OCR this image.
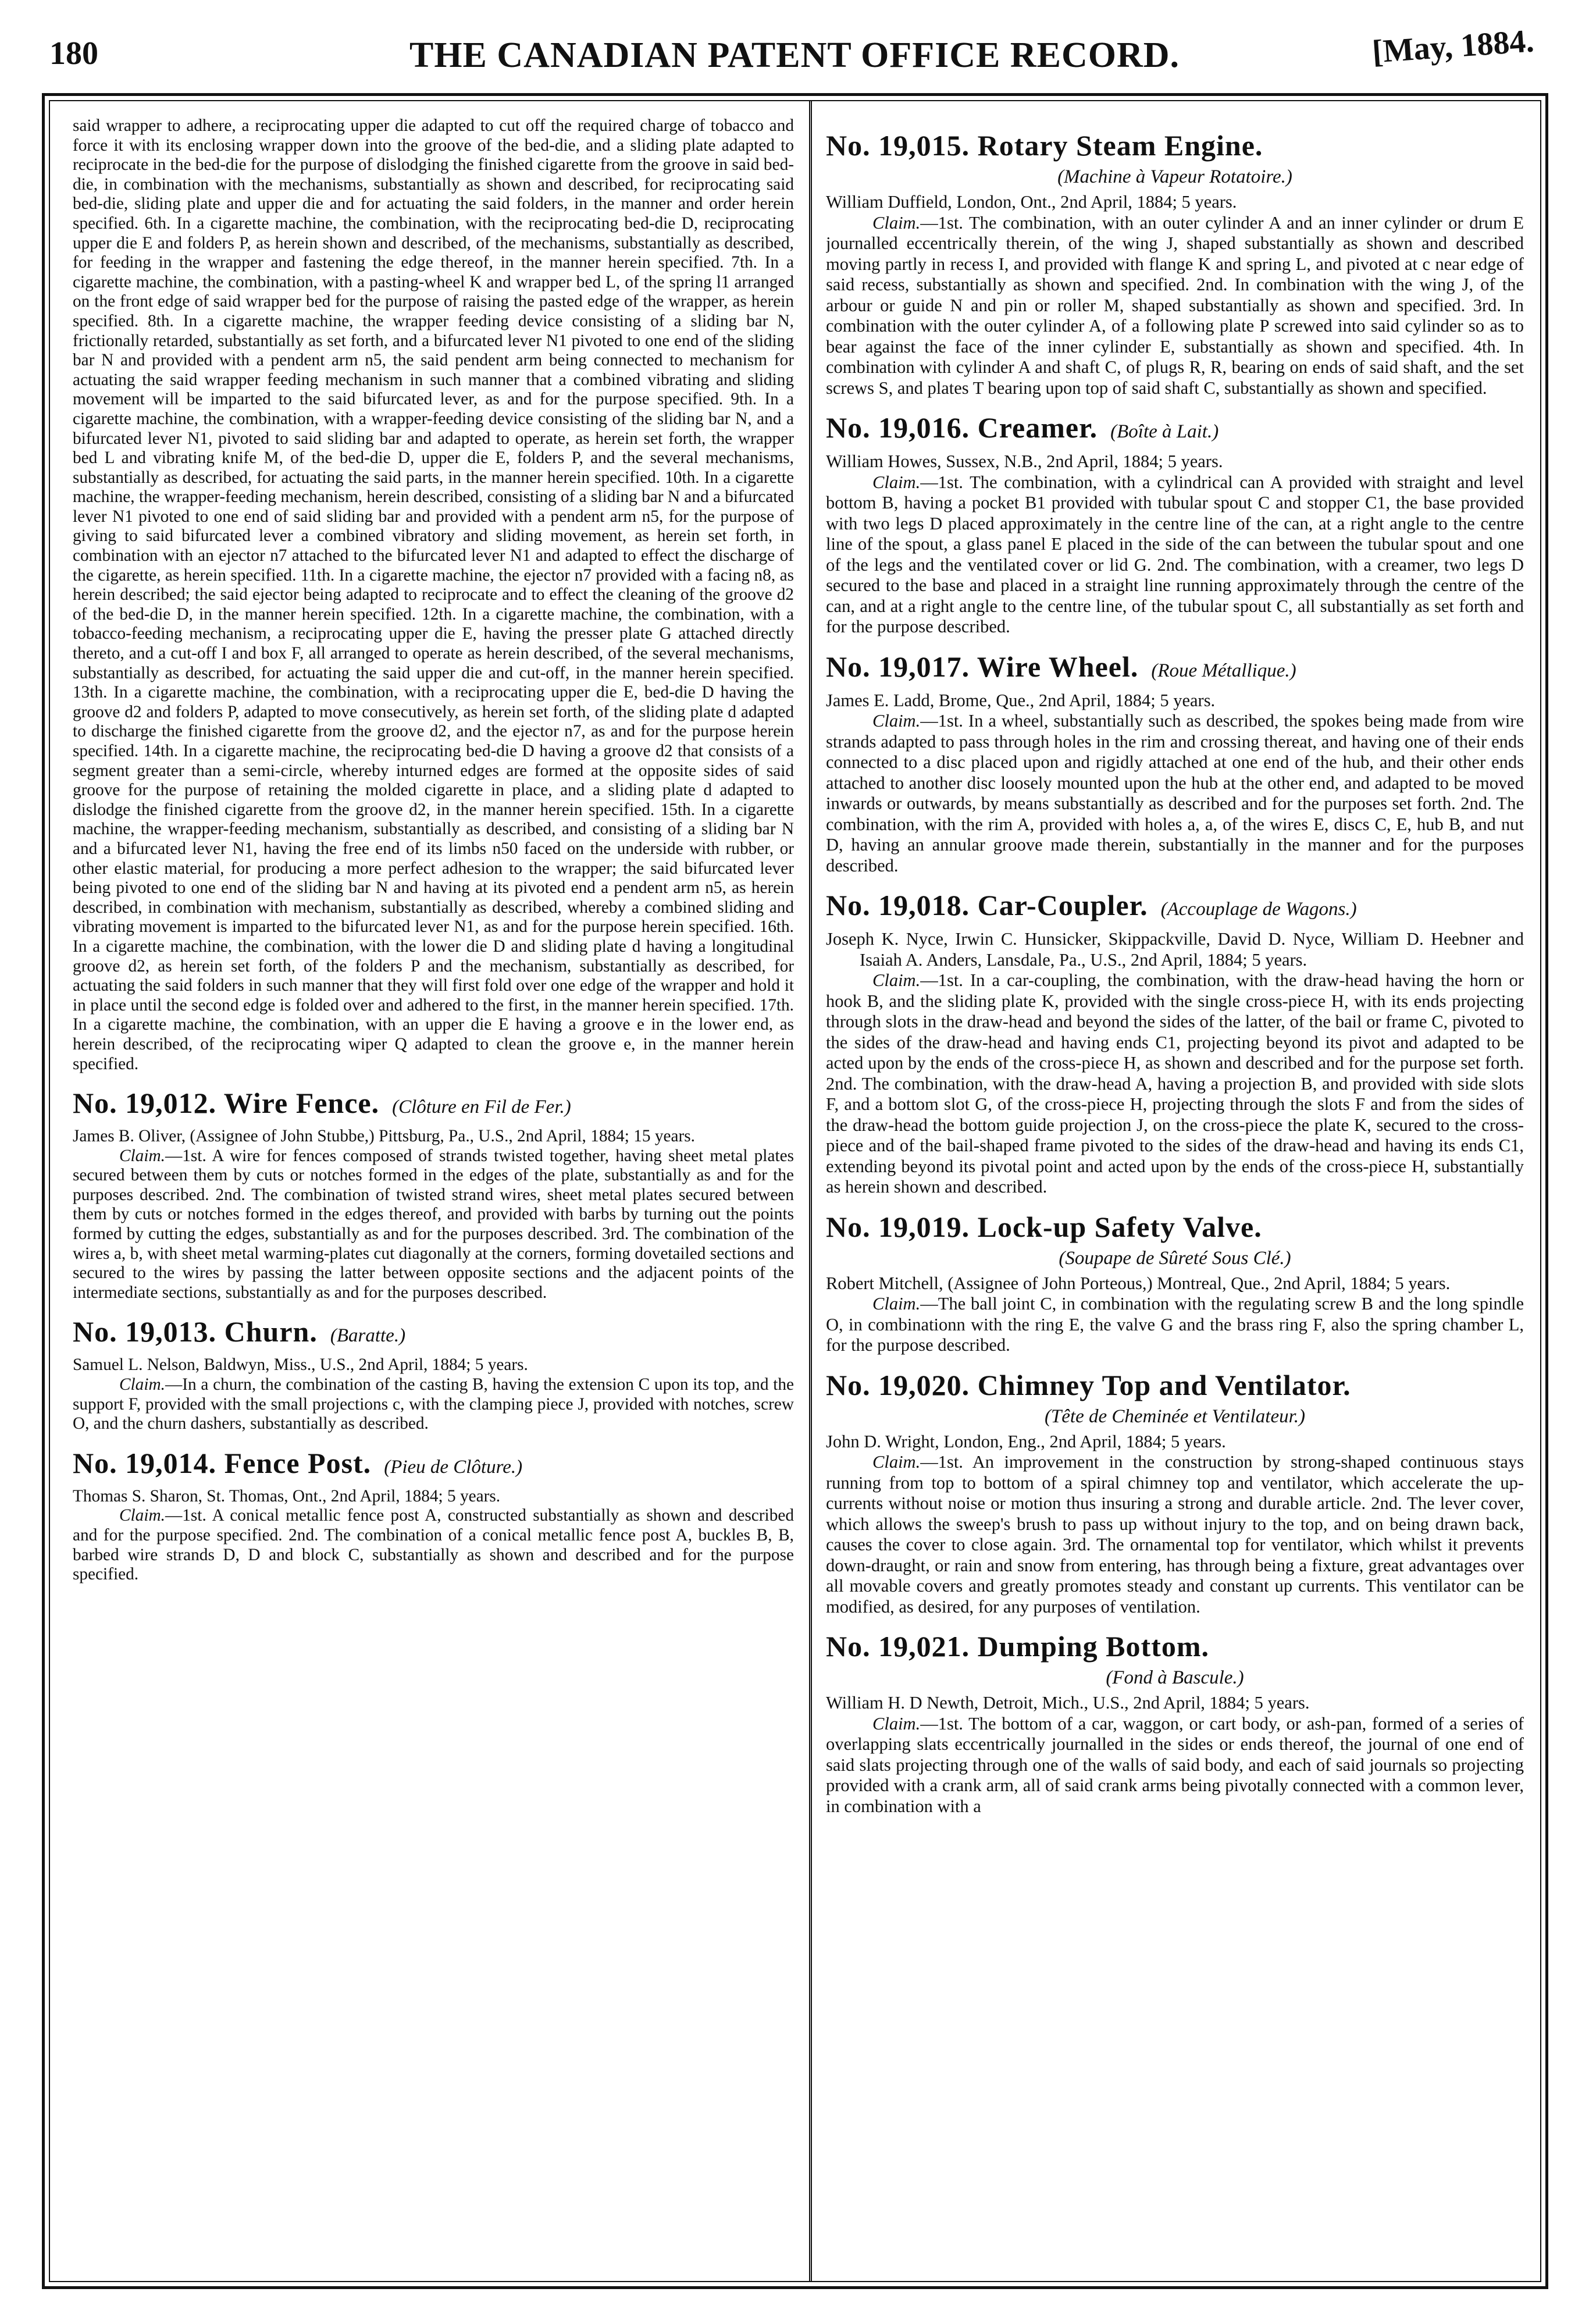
180	THE CANADIAN PATENT OFFICE RECORD.	[May, 1884.

said wrapper to adhere, a reciprocating upper die adapted to cut off the required charge of tobacco and force it with its enclosing wrapper down into the groove of the bed-die, and a sliding plate adapted to reciprocate in the bed-die for the purpose of dislodging the finished cigarette from the groove in said bed-die, in combination with the mechanisms, substantially as shown and described, for reciprocating said bed-die, sliding plate and upper die and for actuating the said folders, in the manner and order herein specified. 6th. In a cigarette machine, the combination, with the reciprocating bed-die D, reciprocating upper die E and folders P, as herein shown and described, of the mechanisms, substantially as described, for feeding in the wrapper and fastening the edge thereof, in the manner herein specified. 7th. In a cigarette machine, the combination, with a pasting-wheel K and wrapper bed L, of the spring l1 arranged on the front edge of said wrapper bed for the purpose of raising the pasted edge of the wrapper, as herein specified. 8th. In a cigarette machine, the wrapper feeding device consisting of a sliding bar N, frictionally retarded, substantially as set forth, and a bifurcated lever N1 pivoted to one end of the sliding bar N and provided with a pendent arm n5, the said pendent arm being connected to mechanism for actuating the said wrapper feeding mechanism in such manner that a combined vibrating and sliding movement will be imparted to the said bifurcated lever, as and for the purpose specified. 9th. In a cigarette machine, the combination, with a wrapper-feeding device consisting of the sliding bar N, and a bifurcated lever N1, pivoted to said sliding bar and adapted to operate, as herein set forth, the wrapper bed L and vibrating knife M, of the bed-die D, upper die E, folders P, and the several mechanisms, substantially as described, for actuating the said parts, in the manner herein specified. 10th. In a cigarette machine, the wrapper-feeding mechanism, herein described, consisting of a sliding bar N and a bifurcated lever N1 pivoted to one end of said sliding bar and provided with a pendent arm n5, for the purpose of giving to said bifurcated lever a combined vibratory and sliding movement, as herein set forth, in combination with an ejector n7 attached to the bifurcated lever N1 and adapted to effect the discharge of the cigarette, as herein specified. 11th. In a cigarette machine, the ejector n7 provided with a facing n8, as herein described; the said ejector being adapted to reciprocate and to effect the cleaning of the groove d2 of the bed-die D, in the manner herein specified. 12th. In a cigarette machine, the combination, with a tobacco-feeding mechanism, a reciprocating upper die E, having the presser plate G attached directly thereto, and a cut-off I and box F, all arranged to operate as herein described, of the several mechanisms, substantially as described, for actuating the said upper die and cut-off, in the manner herein specified. 13th. In a cigarette machine, the combination, with a reciprocating upper die E, bed-die D having the groove d2 and folders P, adapted to move consecutively, as herein set forth, of the sliding plate d adapted to discharge the finished cigarette from the groove d2, and the ejector n7, as and for the purpose herein specified. 14th. In a cigarette machine, the reciprocating bed-die D having a groove d2 that consists of a segment greater than a semi-circle, whereby inturned edges are formed at the opposite sides of said groove for the purpose of retaining the molded cigarette in place, and a sliding plate d adapted to dislodge the finished cigarette from the groove d2, in the manner herein specified. 15th. In a cigarette machine, the wrapper-feeding mechanism, substantially as described, and consisting of a sliding bar N and a bifurcated lever N1, having the free end of its limbs n50 faced on the underside with rubber, or other elastic material, for producing a more perfect adhesion to the wrapper; the said bifurcated lever being pivoted to one end of the sliding bar N and having at its pivoted end a pendent arm n5, as herein described, in combination with mechanism, substantially as described, whereby a combined sliding and vibrating movement is imparted to the bifurcated lever N1, as and for the purpose herein specified. 16th. In a cigarette machine, the combination, with the lower die D and sliding plate d having a longitudinal groove d2, as herein set forth, of the folders P and the mechanism, substantially as described, for actuating the said folders in such manner that they will first fold over one edge of the wrapper and hold it in place until the second edge is folded over and adhered to the first, in the manner herein specified. 17th. In a cigarette machine, the combination, with an upper die E having a groove e in the lower end, as herein described, of the reciprocating wiper Q adapted to clean the groove e, in the manner herein specified.

No. 19,012. Wire Fence. (Clôture en Fil de Fer.)

James B. Oliver, (Assignee of John Stubbe,) Pittsburg, Pa., U.S., 2nd April, 1884; 15 years.

Claim.—1st. A wire for fences composed of strands twisted together, having sheet metal plates secured between them by cuts or notches formed in the edges of the plate, substantially as and for the purposes described. 2nd. The combination of twisted strand wires, sheet metal plates secured between them by cuts or notches formed in the edges thereof, and provided with barbs by turning out the points formed by cutting the edges, substantially as and for the purposes described. 3rd. The combination of the wires a, b, with sheet metal warming-plates cut diagonally at the corners, forming dovetailed sections and secured to the wires by passing the latter between opposite sections and the adjacent points of the intermediate sections, substantially as and for the purposes described.

No. 19,013. Churn. (Baratte.)

Samuel L. Nelson, Baldwyn, Miss., U.S., 2nd April, 1884; 5 years.

Claim.—In a churn, the combination of the casting B, having the extension C upon its top, and the support F, provided with the small projections c, with the clamping piece J, provided with notches, screw O, and the churn dashers, substantially as described.

No. 19,014. Fence Post. (Pieu de Clôture.)

Thomas S. Sharon, St. Thomas, Ont., 2nd April, 1884; 5 years.

Claim.—1st. A conical metallic fence post A, constructed substantially as shown and described and for the purpose specified. 2nd. The combination of a conical metallic fence post A, buckles B, B, barbed wire strands D, D and block C, substantially as shown and described and for the purpose specified.

No. 19,015. Rotary Steam Engine.
(Machine à Vapeur Rotatoire.)

William Duffield, London, Ont., 2nd April, 1884; 5 years.

Claim.—1st. The combination, with an outer cylinder A and an inner cylinder or drum E journalled eccentrically therein, of the wing J, shaped substantially as shown and described moving partly in recess I, and provided with flange K and spring L, and pivoted at c near edge of said recess, substantially as shown and specified. 2nd. In combination with the wing J, of the arbour or guide N and pin or roller M, shaped substantially as shown and specified. 3rd. In combination with the outer cylinder A, of a following plate P screwed into said cylinder so as to bear against the face of the inner cylinder E, substantially as shown and specified. 4th. In combination with cylinder A and shaft C, of plugs R, R, bearing on ends of said shaft, and the set screws S, and plates T bearing upon top of said shaft C, substantially as shown and specified.

No. 19,016. Creamer. (Boîte à Lait.)

William Howes, Sussex, N.B., 2nd April, 1884; 5 years.

Claim.—1st. The combination, with a cylindrical can A provided with straight and level bottom B, having a pocket B1 provided with tubular spout C and stopper C1, the base provided with two legs D placed approximately in the centre line of the can, at a right angle to the centre line of the spout, a glass panel E placed in the side of the can between the tubular spout and one of the legs and the ventilated cover or lid G. 2nd. The combination, with a creamer, two legs D secured to the base and placed in a straight line running approximately through the centre of the can, and at a right angle to the centre line, of the tubular spout C, all substantially as set forth and for the purpose described.

No. 19,017. Wire Wheel. (Roue Métallique.)

James E. Ladd, Brome, Que., 2nd April, 1884; 5 years.

Claim.—1st. In a wheel, substantially such as described, the spokes being made from wire strands adapted to pass through holes in the rim and crossing thereat, and having one of their ends connected to a disc placed upon and rigidly attached at one end of the hub, and their other ends attached to another disc loosely mounted upon the hub at the other end, and adapted to be moved inwards or outwards, by means substantially as described and for the purposes set forth. 2nd. The combination, with the rim A, provided with holes a, a, of the wires E, discs C, E, hub B, and nut D, having an annular groove made therein, substantially in the manner and for the purposes described.

No. 19,018. Car-Coupler. (Accouplage de Wagons.)

Joseph K. Nyce, Irwin C. Hunsicker, Skippackville, David D. Nyce, William D. Heebner and Isaiah A. Anders, Lansdale, Pa., U.S., 2nd April, 1884; 5 years.

Claim.—1st. In a car-coupling, the combination, with the draw-head having the horn or hook B, and the sliding plate K, provided with the single cross-piece H, with its ends projecting through slots in the draw-head and beyond the sides of the latter, of the bail or frame C, pivoted to the sides of the draw-head and having ends C1, projecting beyond its pivot and adapted to be acted upon by the ends of the cross-piece H, as shown and described and for the purpose set forth. 2nd. The combination, with the draw-head A, having a projection B, and provided with side slots F, and a bottom slot G, of the cross-piece H, projecting through the slots F and from the sides of the draw-head the bottom guide projection J, on the cross-piece the plate K, secured to the cross-piece and of the bail-shaped frame pivoted to the sides of the draw-head and having its ends C1, extending beyond its pivotal point and acted upon by the ends of the cross-piece H, substantially as herein shown and described.

No. 19,019. Lock-up Safety Valve.
(Soupape de Sûreté Sous Clé.)

Robert Mitchell, (Assignee of John Porteous,) Montreal, Que., 2nd April, 1884; 5 years.

Claim.—The ball joint C, in combination with the regulating screw B and the long spindle O, in combinationn with the ring E, the valve G and the brass ring F, also the spring chamber L, for the purpose described.

No. 19,020. Chimney Top and Ventilator.
(Tête de Cheminée et Ventilateur.)

John D. Wright, London, Eng., 2nd April, 1884; 5 years.

Claim.—1st. An improvement in the construction by strong-shaped continuous stays running from top to bottom of a spiral chimney top and ventilator, which accelerate the up-currents without noise or motion thus insuring a strong and durable article. 2nd. The lever cover, which allows the sweep's brush to pass up without injury to the top, and on being drawn back, causes the cover to close again. 3rd. The ornamental top for ventilator, which whilst it prevents down-draught, or rain and snow from entering, has through being a fixture, great advantages over all movable covers and greatly promotes steady and constant up currents. This ventilator can be modified, as desired, for any purposes of ventilation.

No. 19,021. Dumping Bottom.
(Fond à Bascule.)

William H. D Newth, Detroit, Mich., U.S., 2nd April, 1884; 5 years.

Claim.—1st. The bottom of a car, waggon, or cart body, or ash-pan, formed of a series of overlapping slats eccentrically journalled in the sides or ends thereof, the journal of one end of said slats projecting through one of the walls of said body, and each of said journals so projecting provided with a crank arm, all of said crank arms being pivotally connected with a common lever, in combination with a
